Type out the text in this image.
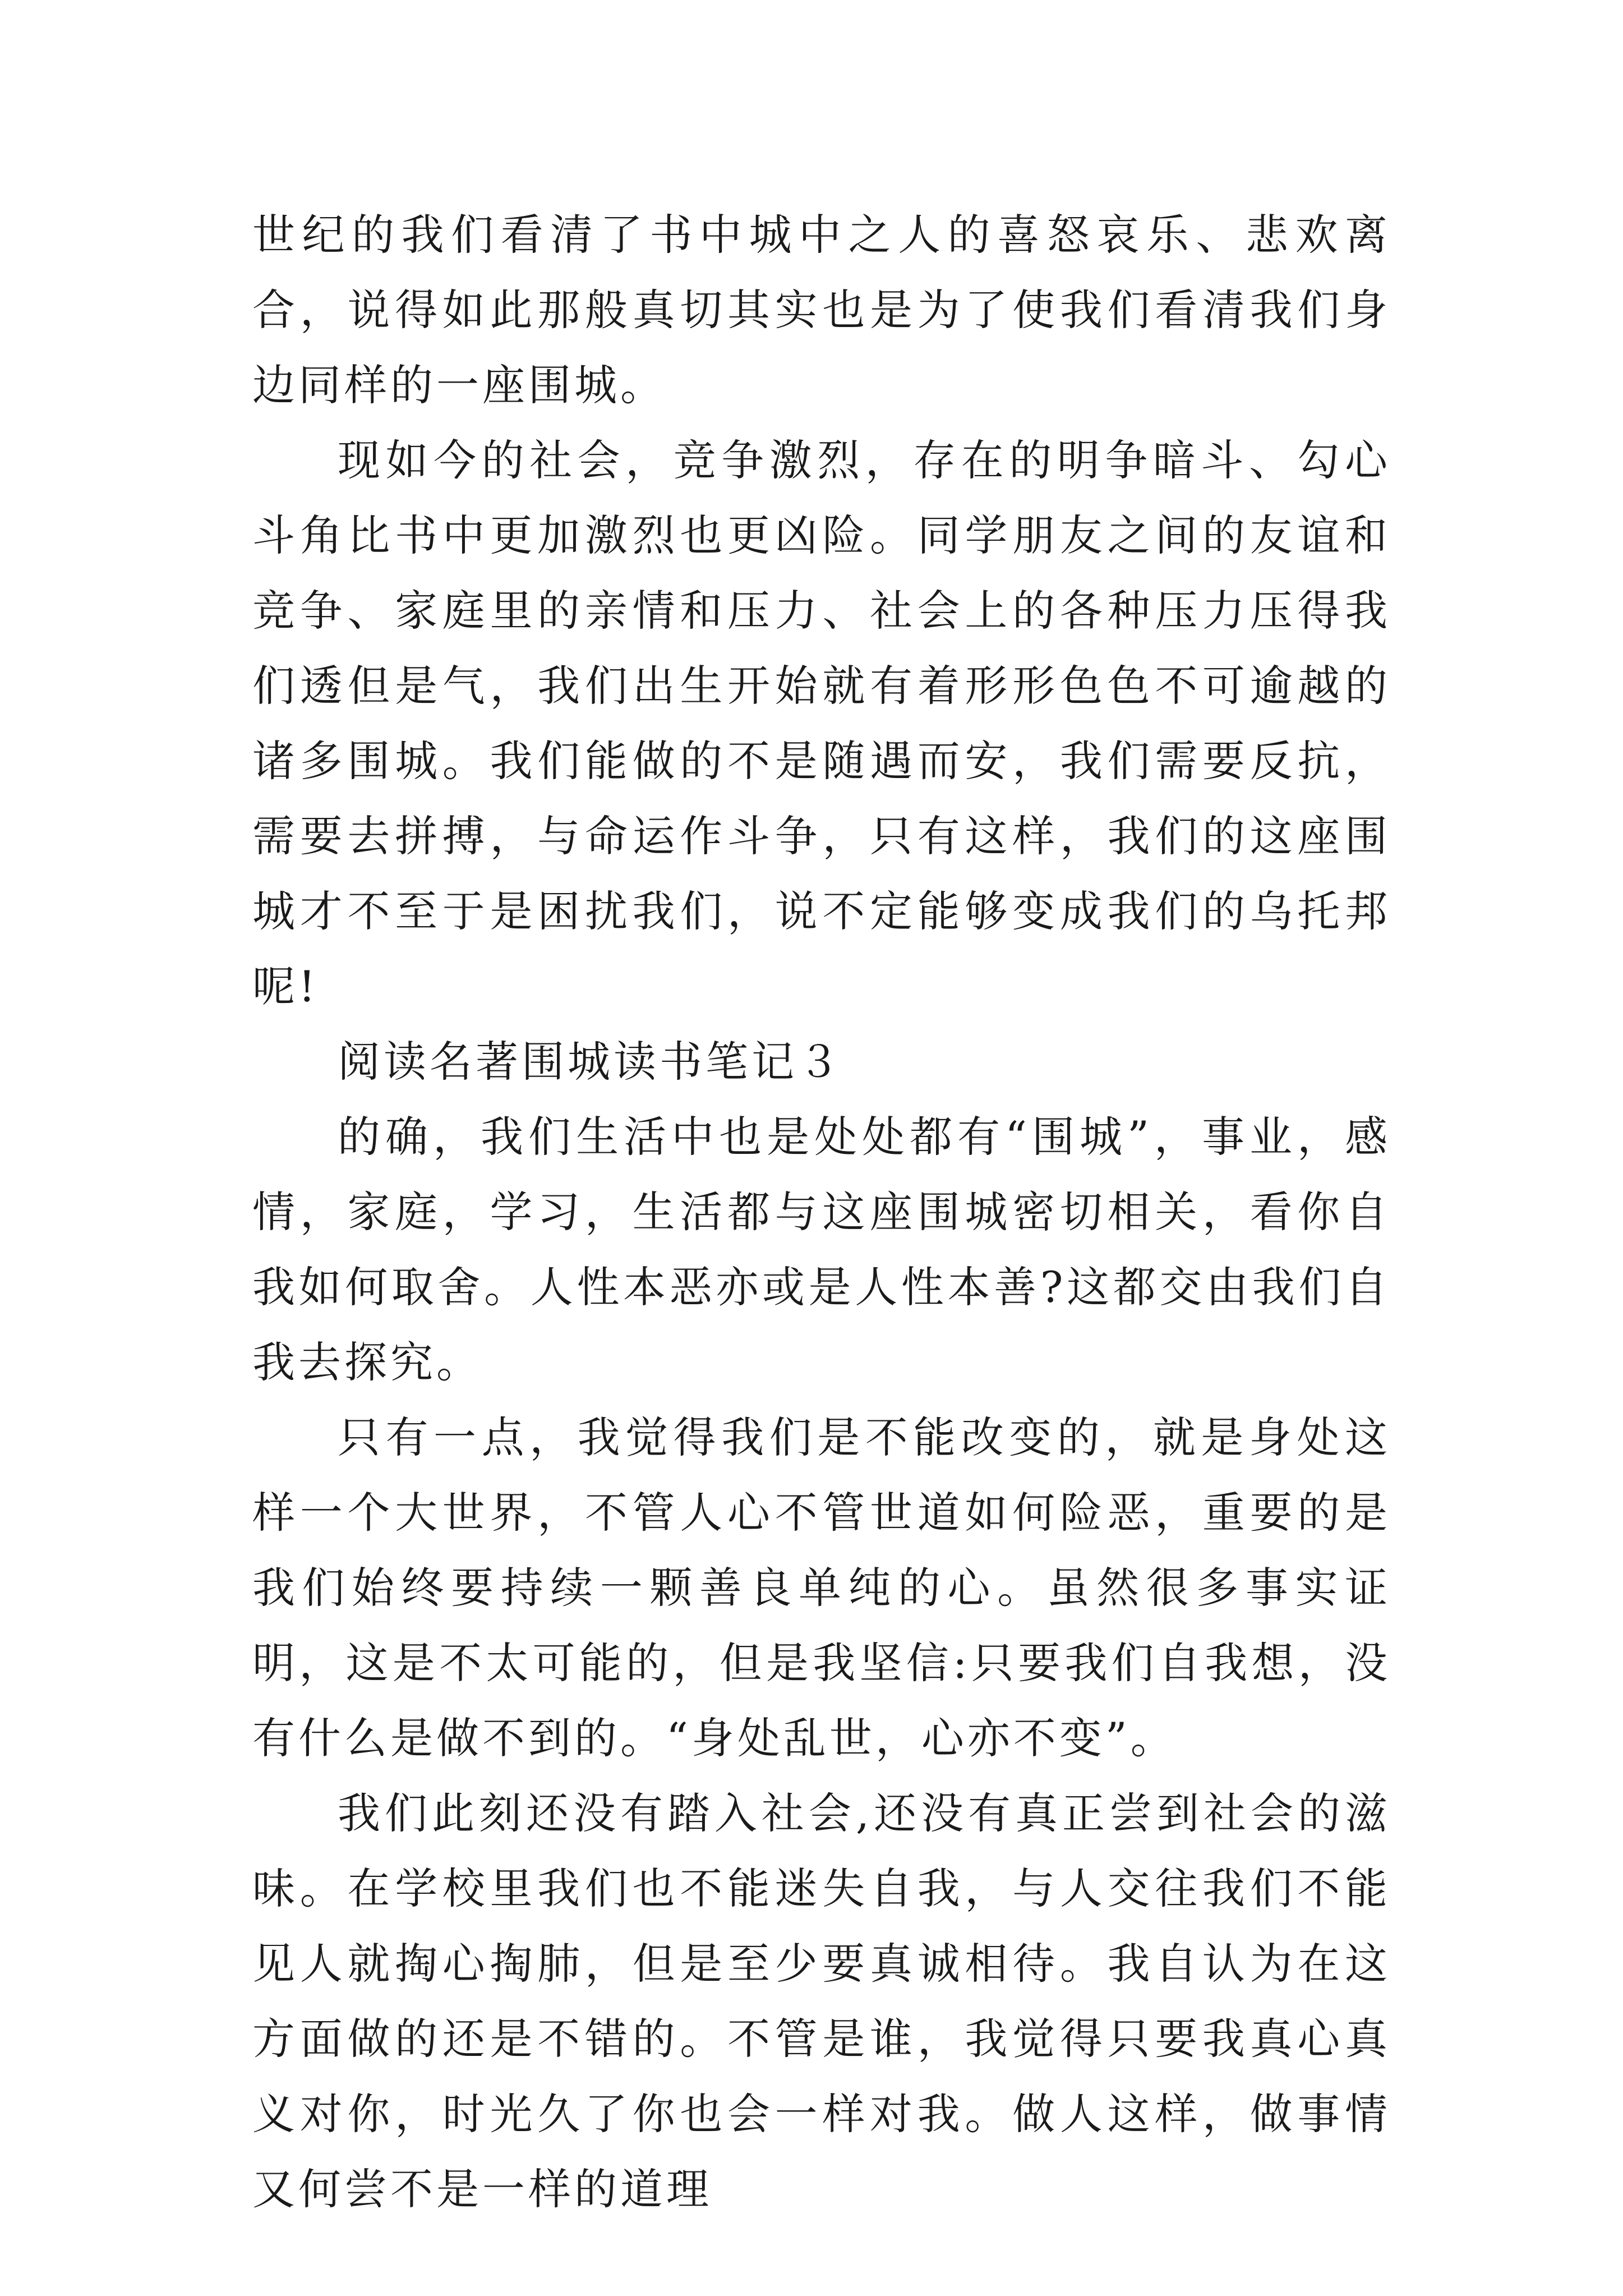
世纪的我们看清了书中城中之人的喜怒哀乐、悲欢离合，说得如此那般真切其实也是为了使我们看清我们身边同样的一座围城。

现如今的社会，竞争激烈，存在的明争暗斗、勾心斗角比书中更加激烈也更凶险。同学朋友之间的友谊和竞争、家庭里的亲情和压力、社会上的各种压力压得我们透但是气，我们出生开始就有着形形色色不可逾越的诸多围城。我们能做的不是随遇而安，我们需要反抗，需要去拼搏，与命运作斗争，只有这样，我们的这座围城才不至于是困扰我们，说不定能够变成我们的乌托邦呢!

阅读名著围城读书笔记３

的确，我们生活中也是处处都有“围城”，事业，感情，家庭，学习，生活都与这座围城密切相关，看你自我如何取舍。人性本恶亦或是人性本善?这都交由我们自我去探究。

只有一点，我觉得我们是不能改变的，就是身处这样一个大世界，不管人心不管世道如何险恶，重要的是我们始终要持续一颗善良单纯的心。虽然很多事实证明，这是不太可能的，但是我坚信:只要我们自我想，没有什么是做不到的。“身处乱世，心亦不变”。

我们此刻还没有踏入社会,还没有真正尝到社会的滋味。在学校里我们也不能迷失自我，与人交往我们不能见人就掏心掏肺，但是至少要真诚相待。我自认为在这方面做的还是不错的。不管是谁，我觉得只要我真心真义对你，时光久了你也会一样对我。做人这样，做事情又何尝不是一样的道理
